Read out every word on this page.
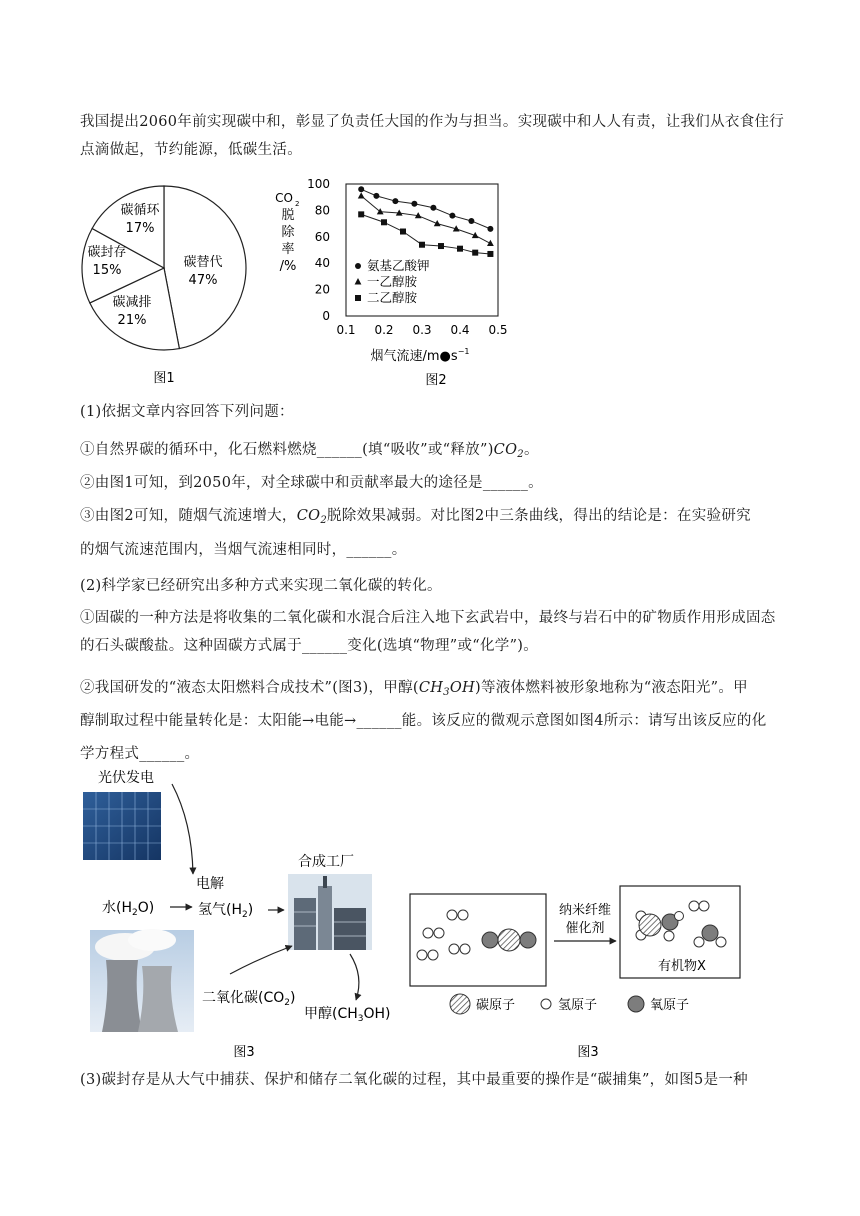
我国提出2060年前实现碳中和，彰显了负责任大国的作为与担当。实现碳中和人人有责，让我们从衣食住行点滴做起，节约能源，低碳生活。
碳替代
47%
碳减排
21%
碳封存
15%
碳循环
17%
图1
CO 2
脱
除
率
/%
0.1 0.2 0.3 0.4 0.5
0
20
40
60
80
100
氨基乙酸钾
一乙醇胺
二乙醇胺
烟气流速$/m●s^{-1}$
图2
(1)依据文章内容回答下列问题：
①自然界碳的循环中，化石燃料燃烧______(填“吸收”或“释放$”)CO_2$。
②由图1可知，到2050年，对全球碳中和贡献率最大的途径是______。
③由图2可知，随烟气流速增大，$CO_2$脱除效果减弱。对比图2中三条曲线，得出的结论是：在实验研究
的烟气流速范围内，当烟气流速相同时，______。
(2)科学家已经研究出多种方式来实现二氧化碳的转化。
①固碳的一种方法是将收集的二氧化碳和水混合后注入地下玄武岩中，最终与岩石中的矿物质作用形成固态的石头碳酸盐。这种固碳方式属于______变化(选填“物理”或“化学”)。
②我国研发的“液态太阳燃料合成技术”(图3)，甲醇$(CH_3OH)$等液体燃料被形象地称为“液态阳光”。甲
醇制取过程中能量转化是：太阳能→电能→______能。该反应的微观示意图如图4所示：请写出该反应的化
学方程式______。
光伏发电
电解
水$(H_2O)$	氢气$(H_2)$
合成工厂
二氧化碳$(CO_2)$
甲醇$(CH_3OH)$
图3
纳米纤维
催化剂
有机物X
碳原子	氢原子	氧原子
图3
(3)碳封存是从大气中捕获、保护和储存二氧化碳的过程，其中最重要的操作是“碳捕集”，如图5是一种
